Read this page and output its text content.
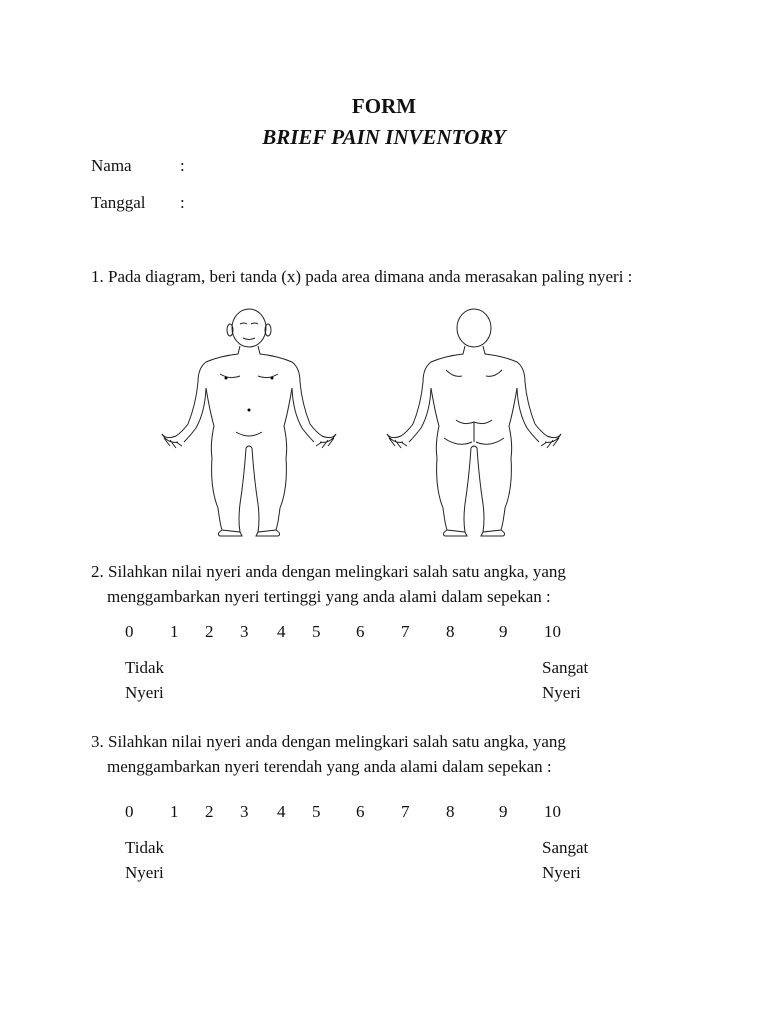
FORM
BRIEF PAIN INVENTORY
Nama	:
Tanggal :
1. Pada diagram, beri tanda (x) pada area dimana anda merasakan paling nyeri :
2. Silahkan nilai nyeri anda dengan melingkari salah satu angka, yang
menggambarkan nyeri tertinggi yang anda alami dalam sepekan :
0 1 2 3 4 5 6 7 8	9 10
Tidak
Nyeri
Sangat
Nyeri
3. Silahkan nilai nyeri anda dengan melingkari salah satu angka, yang
menggambarkan nyeri terendah yang anda alami dalam sepekan :
0 1 2 3 4 5 6 7 8	9 10
Tidak
Nyeri
Sangat
Nyeri
